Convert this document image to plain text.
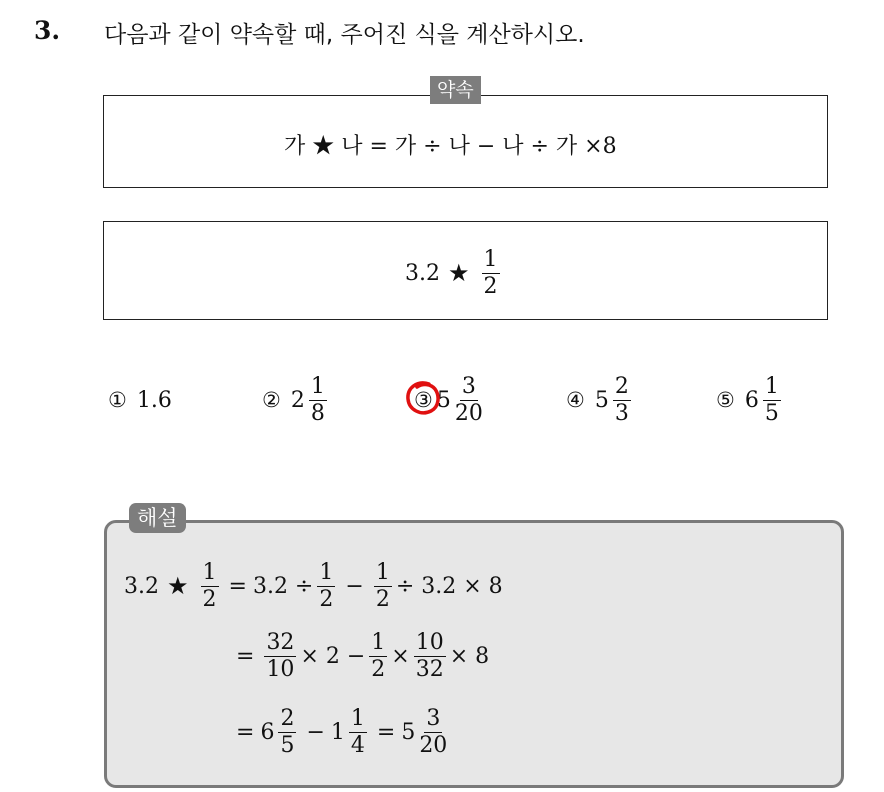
3. 다음과 같이 약속할 때, 주어진 식을 계산하시오.
약속
가 ★ 나 = 가 ÷ 나 − 나 ÷ 가 ×8
3.2 ★ $\frac{1}{2}$
① 1.6	② $2 \frac{1}{8}$	③ $5 \frac{3}{20}$	④ $5 \frac{2}{3}$	⑤ $6 \frac{1}{5}$
해설
3.2 ★ $\frac{1}{2} = 3.2 \div \frac{1}{2} - \frac{1}{2} \div 3.2 \times 8$
= $\frac{32}{10} \times 2 - \frac{1}{2} \times \frac{10}{32} \times 8$
= $6 \frac{2}{5} - 1 \frac{1}{4} = 5 \frac{3}{20}$
